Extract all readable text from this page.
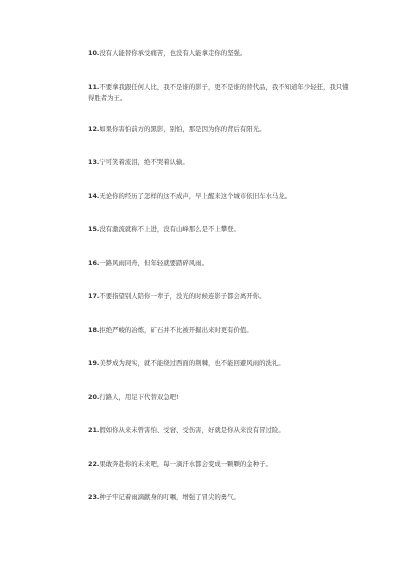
10.没有人能替你承受痛苦，也没有人能拿走你的坚强。

11.不要拿我跟任何人比，我不是谁的影子，更不是谁的替代品，我不知道年少轻狂，我只懂得胜者为王。

12.如果你害怕前方的黑影，别怕，那是因为你的背后有阳光。

13.宁可笑着流泪，绝不哭着认输。

14.无论你的经历了怎样的这不成声，早上醒来这个城市依旧车水马龙。

15.没有激流就称不上进，没有山峰那么是不上攀登。

16.一路风雨同舟，但年轻就要踏碎风雨。

17.不要指望别人陪你一辈子，没光的时候连影子都会离开你。

18.拒绝严峻的冶炼，矿石并不比被开掘出来时更有价值。

19.美梦成为现实，就不能绕过西面的荆棘，也不能回避风雨的洗礼。

20.行路人，用足下代替双急吧!

21.假如你从来未曾害怕、受窘、受伤害，好就是你从来没有冒过险。

22.果敢奔赴你的未来吧，每一滴汗水都会变成一颗颗的金种子。

23.种子牢记着雨滴献身的叮嘱，增强了冒尖的勇气。
